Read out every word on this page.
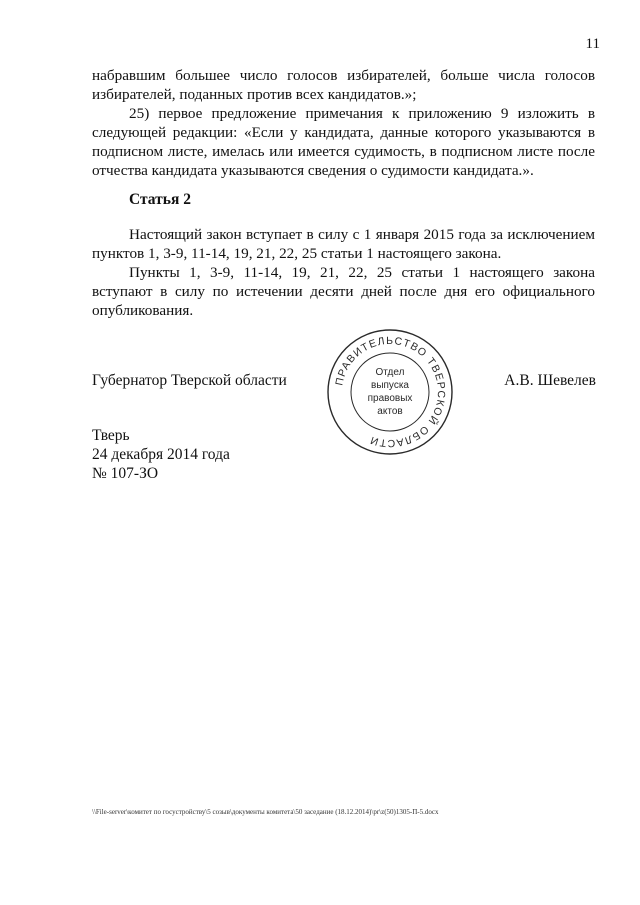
11

набравшим большее число голосов избирателей, больше числа голосов избирателей, поданных против всех кандидатов.»;

25) первое предложение примечания к приложению 9 изложить в следующей редакции: «Если у кандидата, данные которого указываются в подписном листе, имелась или имеется судимость, в подписном листе после отчества кандидата указываются сведения о судимости кандидата.».

Статья 2

Настоящий закон вступает в силу с 1 января 2015 года за исключением пунктов 1, 3-9, 11-14, 19, 21, 22, 25 статьи 1 настоящего закона.

Пункты 1, 3-9, 11-14, 19, 21, 22, 25 статьи 1 настоящего закона вступают в силу по истечении десяти дней после дня его официального опубликования.

Губернатор Тверской области	А.В. Шевелев
ПРАВИТЕЛЬСТВО ТВЕРСКОЙ ОБЛАСТИ
Отдел
выпуска
правовых
актов
Тверь
24 декабря 2014 года
№ 107-ЗО
\\File-server\комитет по госустройству\5 созыв\документы комитета\50 заседание (18.12.2014)\pr\z(50)1305-П-5.docx
